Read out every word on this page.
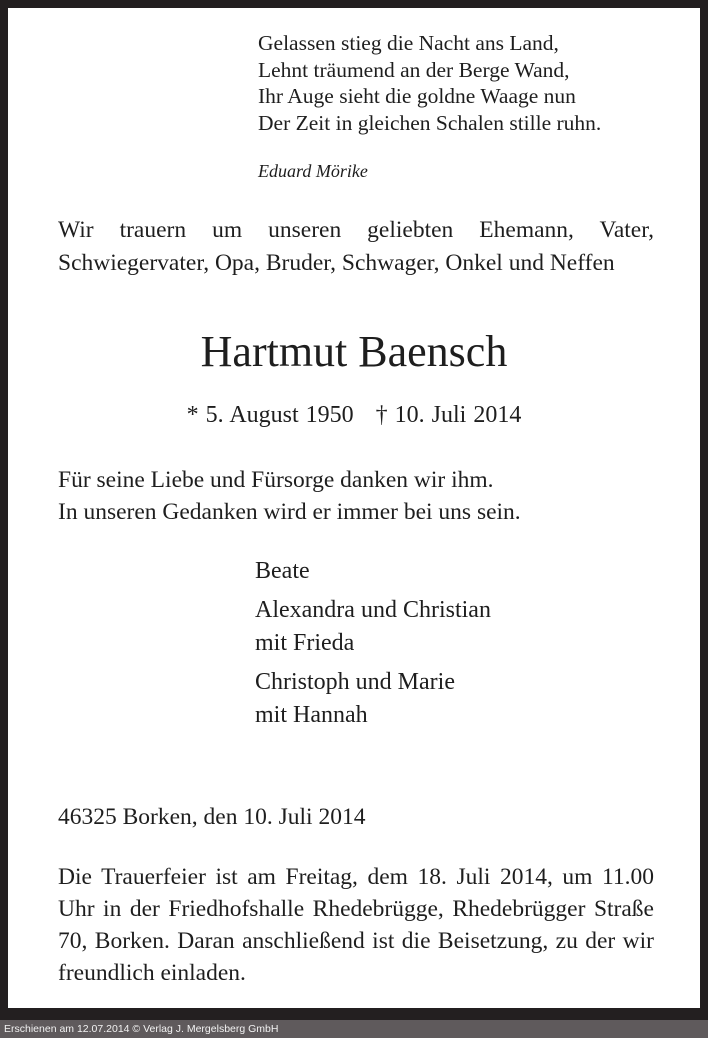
Gelassen stieg die Nacht ans Land,
Lehnt träumend an der Berge Wand,
Ihr Auge sieht die goldne Waage nun
Der Zeit in gleichen Schalen stille ruhn.
Eduard Mörike
Wir trauern um unseren geliebten Ehemann, Vater, Schwiegervater, Opa, Bruder, Schwager, Onkel und Neffen
Hartmut Baensch
* 5. August 1950 † 10. Juli 2014
Für seine Liebe und Fürsorge danken wir ihm.
In unseren Gedanken wird er immer bei uns sein.
Beate
Alexandra und Christian
mit Frieda
Christoph und Marie
mit Hannah
46325 Borken, den 10. Juli 2014
Die Trauerfeier ist am Freitag, dem 18. Juli 2014, um 11.00 Uhr in der Friedhofshalle Rhedebrügge, Rhedebrügger Straße 70, Borken. Daran anschließend ist die Beisetzung, zu der wir freundlich einladen.
Erschienen am 12.07.2014 © Verlag J. Mergelsberg GmbH
